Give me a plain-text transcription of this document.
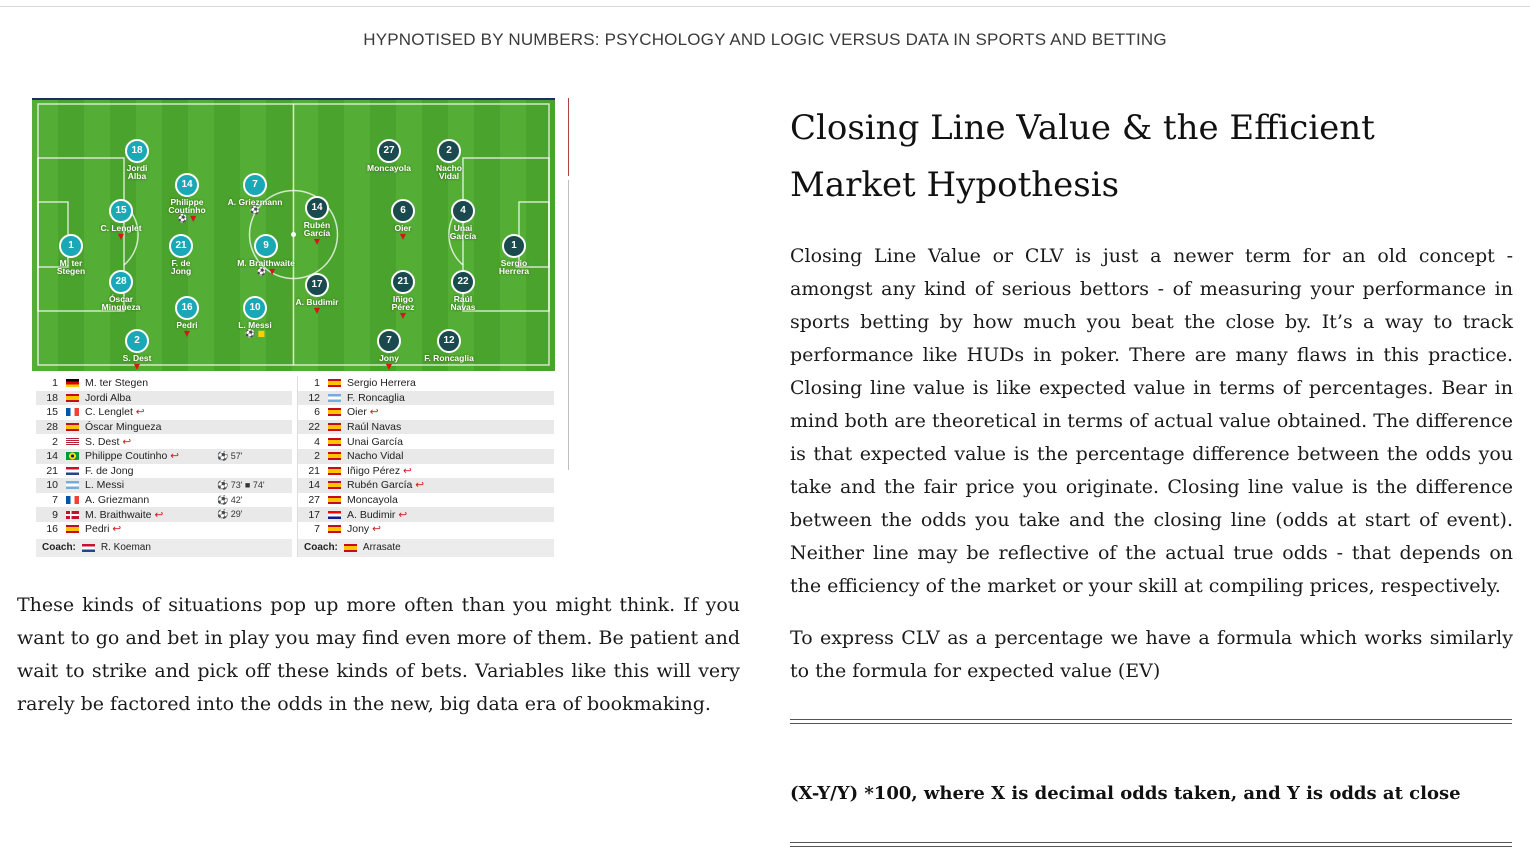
HYPNOTISED BY NUMBERS: PSYCHOLOGY AND LOGIC VERSUS DATA IN SPORTS AND BETTING
18
Jordi
Alba
14
Philippe
Coutinho
⚽ ▼
7
A. Griezmann
⚽
15
C. Lenglet
▼
1
M. ter
Stegen
21
F. de
Jong
9
M. Braithwaite
⚽ ▼
28
Óscar
Mingueza	16
Pedri
▼
10
L. Messi
⚽ ■
2
S. Dest
▼
27
Moncayola
2
Nacho
Vidal
14
Rubén
García
▼
6
Oier
▼
4
Unai
García
1
Sergio
Herrera
17
A. Budimir
▼
21
Iñigo
Pérez
▼
22
Raúl
Navas
7
Jony
▼
12
F. Roncaglia
1	M. ter Stegen
18	Jordi Alba
15	C. Lenglet ↩
28	Óscar Mingueza
2	S. Dest ↩
14	Philippe Coutinho ↩	⚽ 57'
21	F. de Jong
10	L. Messi	⚽ 73' ■ 74'
7	A. Griezmann	⚽ 42'
9	M. Braithwaite ↩	⚽ 29'
16	Pedri ↩
Coach:	R. Koeman
1	Sergio Herrera
12	F. Roncaglia
6	Oier ↩
22	Raúl Navas
4	Unai García
2	Nacho Vidal
21	Iñigo Pérez ↩
14	Rubén García ↩
27	Moncayola
17	A. Budimir ↩
7	Jony ↩
Coach:	Arrasate
These kinds of situations pop up more often than you might think. If you want to go and bet in play you may find even more of them. Be patient and wait to strike and pick off these kinds of bets. Variables like this will very rarely be factored into the odds in the new, big data era of bookmaking.
Closing Line Value & the Efficient
Market Hypothesis

Closing Line Value or CLV is just a newer term for an old concept - amongst any kind of serious bettors - of measuring your performance in sports betting by how much you beat the close by. It’s a way to track performance like HUDs in poker. There are many flaws in this practice. Closing line value is like expected value in terms of percentages. Bear in mind both are theoretical in terms of actual value obtained. The difference is that expected value is the percentage difference between the odds you take and the fair price you originate. Closing line value is the difference between the odds you take and the closing line (odds at start of event). Neither line may be reflective of the actual true odds - that depends on the efficiency of the market or your skill at compiling prices, respectively.

To express CLV as a percentage we have a formula which works similarly to the formula for expected value (EV)

(X-Y/Y) *100, where X is decimal odds taken, and Y is odds at close
